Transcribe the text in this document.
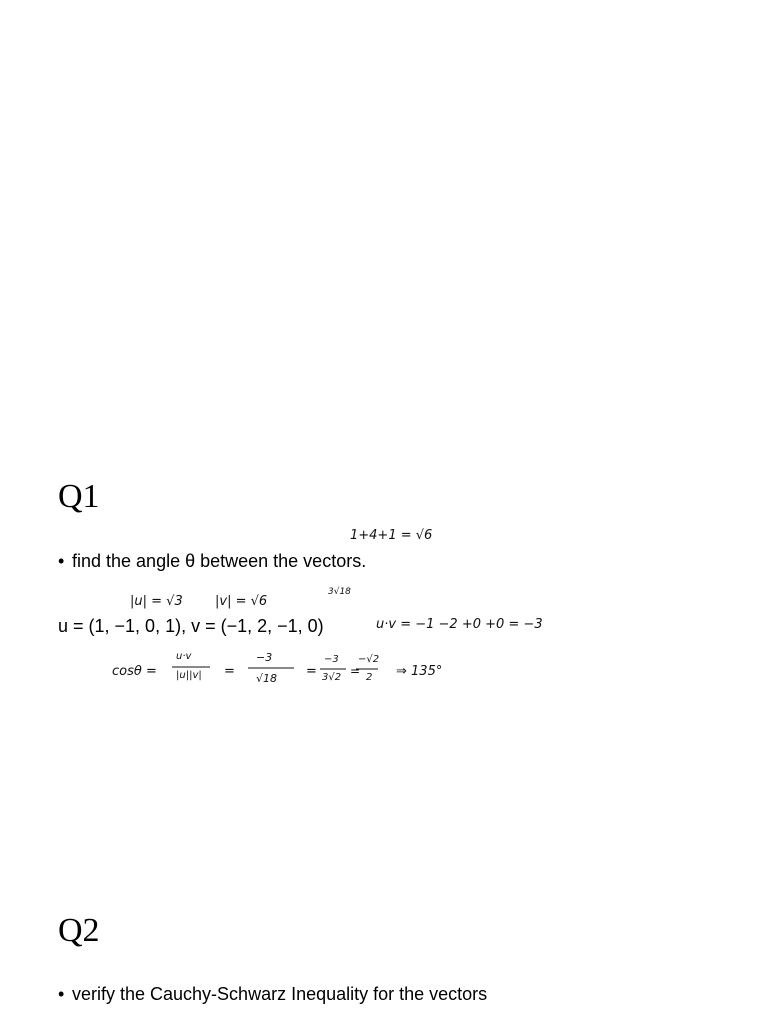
Q1
• find the angle θ between the vectors.
u = (1, −1, 0, 1), v = (−1, 2, −1, 0)
1+4+1 = √6
|u| = √3 |v| = √6
3√18
u·v = −1 −2 +0 +0 = −3
cosθ =
u·v
|u||v| =
−3
√18 =
−3
3√2 =
−√2
2 ⇒ 135°
Q2
• verify the Cauchy-Schwarz Inequality for the vectors
